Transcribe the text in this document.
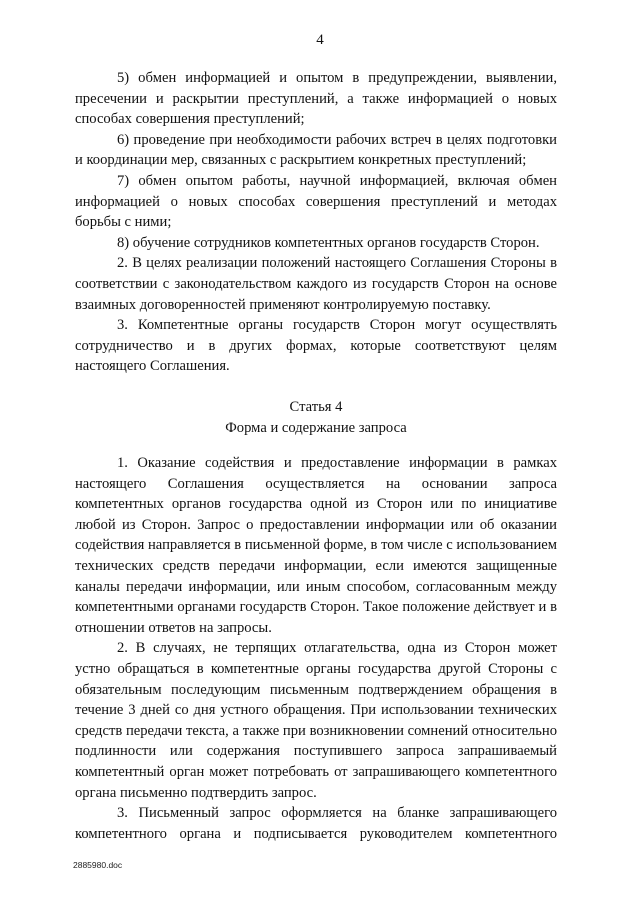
4

5) обмен информацией и опытом в предупреждении, выявлении, пресечении и раскрытии преступлений, а также информацией о новых способах совершения преступлений;

6) проведение при необходимости рабочих встреч в целях подготовки и координации мер, связанных с раскрытием конкретных преступлений;

7) обмен опытом работы, научной информацией, включая обмен информацией о новых способах совершения преступлений и методах борьбы с ними;

8) обучение сотрудников компетентных органов государств Сторон.

2. В целях реализации положений настоящего Соглашения Стороны в соответствии с законодательством каждого из государств Сторон на основе взаимных договоренностей применяют контролируемую поставку.

3. Компетентные органы государств Сторон могут осуществлять сотрудничество и в других формах, которые соответствуют целям настоящего Соглашения.

Статья 4
Форма и содержание запроса

1. Оказание содействия и предоставление информации в рамках настоящего Соглашения осуществляется на основании запроса компетентных органов государства одной из Сторон или по инициативе любой из Сторон. Запрос о предоставлении информации или об оказании содействия направляется в письменной форме, в том числе с использованием технических средств передачи информации, если имеются защищенные каналы передачи информации, или иным способом, согласованным между компетентными органами государств Сторон. Такое положение действует и в отношении ответов на запросы.

2. В случаях, не терпящих отлагательства, одна из Сторон может устно обращаться в компетентные органы государства другой Стороны с обязательным последующим письменным подтверждением обращения в течение 3 дней со дня устного обращения. При использовании технических средств передачи текста, а также при возникновении сомнений относительно подлинности или содержания поступившего запроса запрашиваемый компетентный орган может потребовать от запрашивающего компетентного органа письменно подтвердить запрос.

3. Письменный запрос оформляется на бланке запрашивающего компетентного органа и подписывается руководителем компетентного

2885980.doc
